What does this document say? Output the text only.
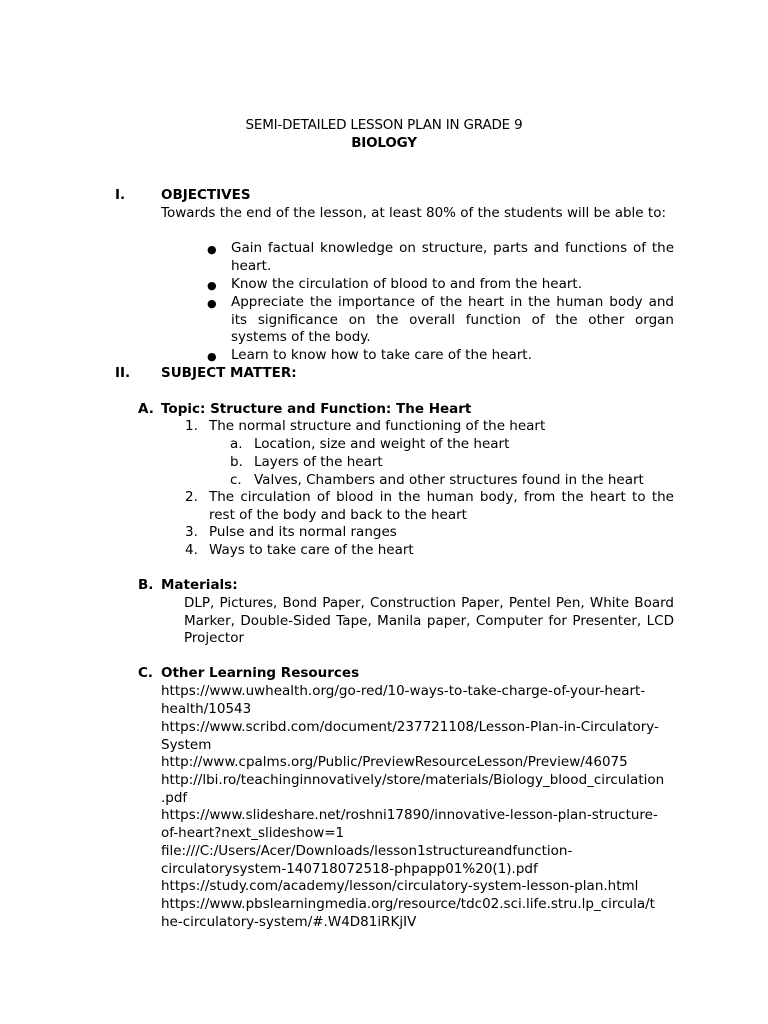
SEMI-DETAILED LESSON PLAN IN GRADE 9
BIOLOGY
I.	OBJECTIVES
Towards the end of the lesson, at least 80% of the students will be able to:
● Gain factual knowledge on structure, parts and functions of the heart.
● Know the circulation of blood to and from the heart.
● Appreciate the importance of the heart in the human body and its significance on the overall function of the other organ systems of the body.
● Learn to know how to take care of the heart.
II. SUBJECT MATTER:
A. Topic: Structure and Function: The Heart
1. The normal structure and functioning of the heart
a. Location, size and weight of the heart
b. Layers of the heart
c. Valves, Chambers and other structures found in the heart
2. The circulation of blood in the human body, from the heart to the rest of the body and back to the heart
3. Pulse and its normal ranges
4. Ways to take care of the heart
B. Materials:
DLP, Pictures, Bond Paper, Construction Paper, Pentel Pen, White Board Marker, Double-Sided Tape, Manila paper, Computer for Presenter, LCD Projector
C. Other Learning Resources
https://www.uwhealth.org/go-red/10-ways-to-take-charge-of-your-heart-
health/10543
https://www.scribd.com/document/237721108/Lesson-Plan-in-Circulatory-
System
http://www.cpalms.org/Public/PreviewResourceLesson/Preview/46075
http://lbi.ro/teachinginnovatively/store/materials/Biology_blood_circulation
.pdf
https://www.slideshare.net/roshni17890/innovative-lesson-plan-structure-
of-heart?next_slideshow=1
file:///C:/Users/Acer/Downloads/lesson1structureandfunction-
circulatorysystem-140718072518-phpapp01%20(1).pdf
https://study.com/academy/lesson/circulatory-system-lesson-plan.html
https://www.pbslearningmedia.org/resource/tdc02.sci.life.stru.lp_circula/t
he-circulatory-system/#.W4D81iRKjIV
